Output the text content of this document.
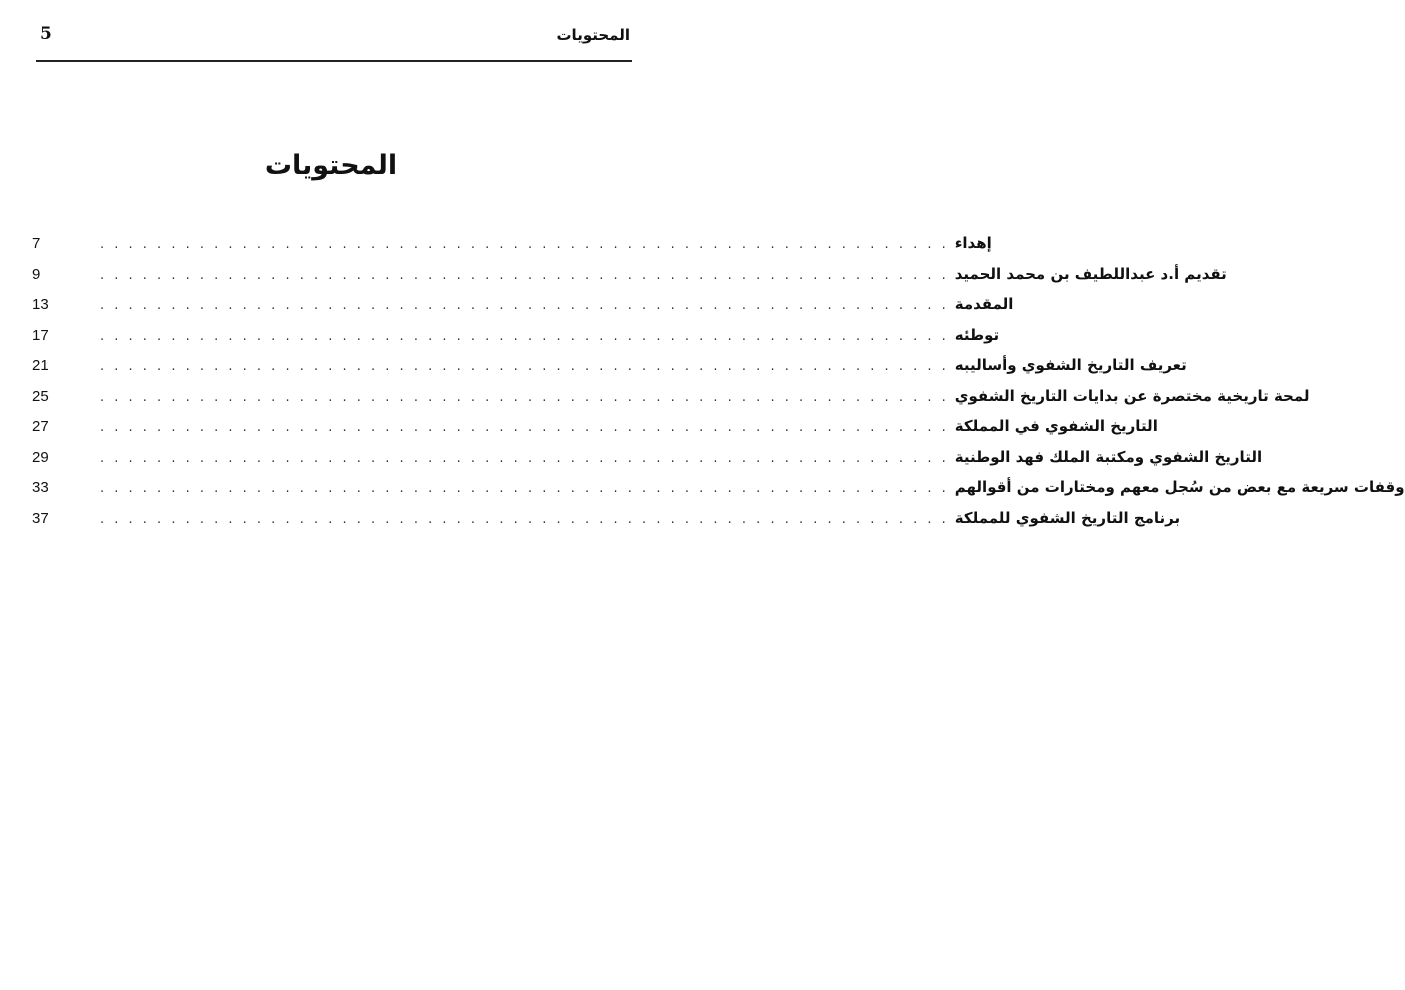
5	المحتويات
المحتويات
7	. . . . . . . . . . . . . . . . . . . . . . . . . . . . . . . . . . . . . . . . . . . . . . . . . . . . . . . . . . . . إهداء
9	. . . . . . . . . . . . . . . . . . . . . . . . . . . . . . . . . . . . . . . . . . . . . . . . . . . . . . . . . . . . تقديم أ.د عبداللطيف بن محمد الحميد
13	. . . . . . . . . . . . . . . . . . . . . . . . . . . . . . . . . . . . . . . . . . . . . . . . . . . . . . . . . . . . المقدمة
17	. . . . . . . . . . . . . . . . . . . . . . . . . . . . . . . . . . . . . . . . . . . . . . . . . . . . . . . . . . . . توطئه
21	. . . . . . . . . . . . . . . . . . . . . . . . . . . . . . . . . . . . . . . . . . . . . . . . . . . . . . . . . . . . تعريف التاريخ الشفوي وأساليبه
25	. . . . . . . . . . . . . . . . . . . . . . . . . . . . . . . . . . . . . . . . . . . . . . . . . . . . . . . . . . . . لمحة تاريخية مختصرة عن بدايات التاريخ الشفوي
27	. . . . . . . . . . . . . . . . . . . . . . . . . . . . . . . . . . . . . . . . . . . . . . . . . . . . . . . . . . . . التاريخ الشفوي في المملكة
29	. . . . . . . . . . . . . . . . . . . . . . . . . . . . . . . . . . . . . . . . . . . . . . . . . . . . . . . . . . . . التاريخ الشفوي ومكتبة الملك فهد الوطنية
33	. . . . . . . . . . . . . . . . . . . . . . . . . . . . . . . . . . . . . . . . . . . . . . . . . . . . . . . . . . . . وقفات سريعة مع بعض من سُجل معهم ومختارات من أقوالهم
37	. . . . . . . . . . . . . . . . . . . . . . . . . . . . . . . . . . . . . . . . . . . . . . . . . . . . . . . . . . . . برنامج التاريخ الشفوي للمملكة
